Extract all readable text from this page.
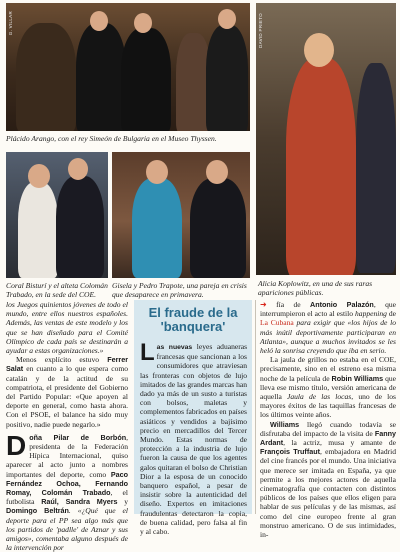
G. VILLAR
Plácido Arango, con el rey Simeón de Bulgaria en el Museo Thyssen.
DAVID PRIETO
Alicia Koplowitz, en una de sus raras apariciones públicas.
Coral Bisturí y el alteta Colomán Trabado, en la sede del COE.
Gisela y Pedro Trapote, una pareja en crisis que desaparece en primavera.

los Juegos quinientos jóvenes de todo el mundo, entre ellos nuestros españoles. Además, las ventas de este modelo y los que se han diseñado para el Comité Olímpico de cada país se destinarán a ayudar a estas organizaciones.»

Menos explícito estuvo Ferrer Salat en cuanto a lo que espera como catalán y de la actitud de su compatriota, el presidente del Gobierno del Partido Popular: «Que apoyen al deporte en general, como hasta ahora. Con el PSOE, el balance ha sido muy positivo, nadie puede negarlo.»

Doña Pilar de Borbón, presidenta de la Federación Hípica Internacional, quiso aparecer al acto junto a nombres importantes del deporte, como Paco Fernández Ochoa, Fernando Romay, Colomán Trabado, el futbolista Raúl, Sandra Myers y Domingo Beltrán. «¿Qué que el deporte para el PP sea algo más que los partidos de 'padlle' de Aznar y sus amigos», comentaba alguno después de la intervención por

El fraude de la 'banquera'

Las nuevas leyes aduaneras francesas que sancionan a los consumidores que atraviesan las fronteras con objetos de lujo imitados de las grandes marcas han dado ya más de un susto a turistas con bolsos, maletas y complementos fabricados en países asiáticos y vendidos a bajísimo precio en mercadillos del Tercer Mundo. Estas normas de protección a la industria de lujo fueron la causa de que los agentes galos quitaran el bolso de Christian Dior a la esposa de un conocido banquero español, a pesar de insistir sobre la autenticidad del diseño. Expertos en imitaciones fraudulentas detectaron la copia, de buena calidad, pero falsa al fin y al cabo.

➜ fía de Antonio Palazón, que interrumpieron el acto al estilo happening de La Cubana para exigir que «los hijos de lo más inútil deportivamente participaran en Atlanta», aunque a muchos invitados se les heló la sonrisa creyendo que iba en serio.

La jaula de grillos no estaba en el COE, precisamente, sino en el estreno esa misma noche de la película de Robin Williams que lleva ese mismo título, versión americana de aquella Jaula de las locas, uno de los mayores éxitos de las taquillas francesas de los últimos veinte años.

Williams llegó cuando todavía se disfrutaba del impacto de la visita de Fanny Ardant, la actriz, musa y amante de François Truffaut, embajadora en Madrid del cine francés por el mundo. Una iniciativa que merece ser imitada en España, ya que permite a los mejores actores de aquella cinematografía que contacten con distintos públicos de los países que ellos eligen para hablar de sus películas y de las mismas, así como del cine europeo frente al gran monstruo americano. O de sus intimidades, in-
